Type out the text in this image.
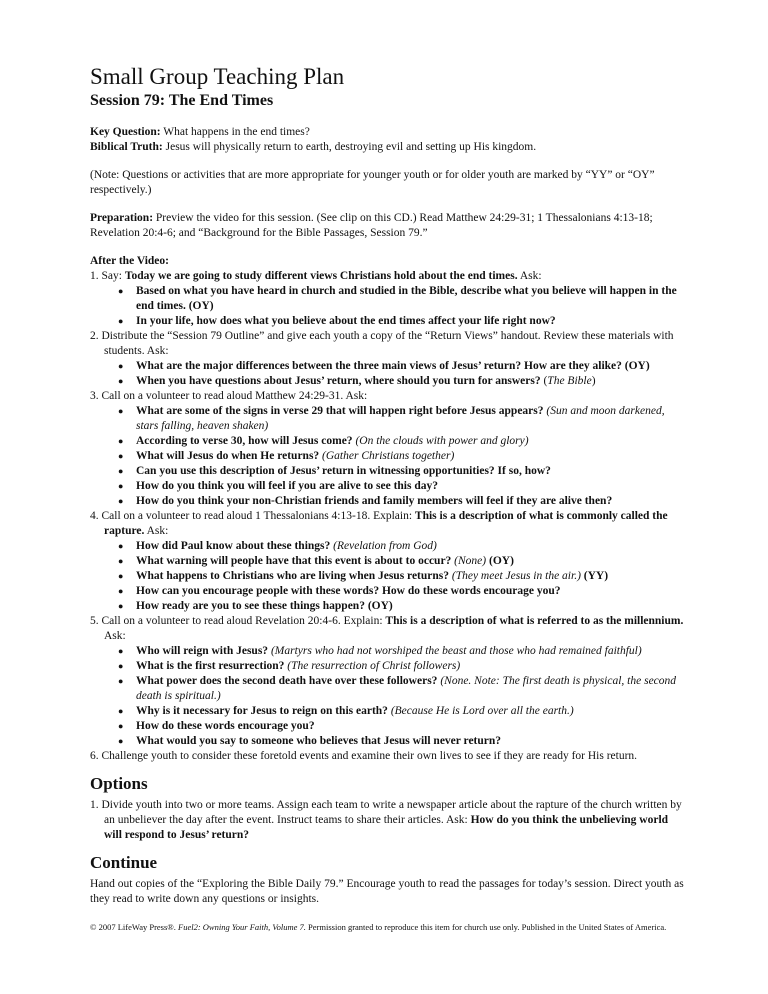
Small Group Teaching Plan
Session 79: The End Times

Key Question: What happens in the end times?

Biblical Truth: Jesus will physically return to earth, destroying evil and setting up His kingdom.

(Note: Questions or activities that are more appropriate for younger youth or for older youth are marked by “YY” or “OY” respectively.)

Preparation: Preview the video for this session. (See clip on this CD.) Read Matthew 24:29-31; 1 Thessalonians 4:13-18; Revelation 20:4-6; and “Background for the Bible Passages, Session 79.”

After the Video:

1. Say: Today we are going to study different views Christians hold about the end times. Ask:
● Based on what you have heard in church and studied in the Bible, describe what you believe will happen in the end times. (OY)
● In your life, how does what you believe about the end times affect your life right now?
2. Distribute the “Session 79 Outline” and give each youth a copy of the “Return Views” handout. Review these materials with students. Ask:
● What are the major differences between the three main views of Jesus’ return? How are they alike? (OY)
● When you have questions about Jesus’ return, where should you turn for answers? (The Bible)
3. Call on a volunteer to read aloud Matthew 24:29-31. Ask:
● What are some of the signs in verse 29 that will happen right before Jesus appears? (Sun and moon darkened, stars falling, heaven shaken)
● According to verse 30, how will Jesus come? (On the clouds with power and glory)
● What will Jesus do when He returns? (Gather Christians together)
● Can you use this description of Jesus’ return in witnessing opportunities? If so, how?
● How do you think you will feel if you are alive to see this day?
● How do you think your non-Christian friends and family members will feel if they are alive then?
4. Call on a volunteer to read aloud 1 Thessalonians 4:13-18. Explain: This is a description of what is commonly called the rapture. Ask:
● How did Paul know about these things? (Revelation from God)
● What warning will people have that this event is about to occur? (None) (OY)
● What happens to Christians who are living when Jesus returns? (They meet Jesus in the air.) (YY)
● How can you encourage people with these words? How do these words encourage you?
● How ready are you to see these things happen? (OY)
5. Call on a volunteer to read aloud Revelation 20:4-6. Explain: This is a description of what is referred to as the millennium. Ask:
● Who will reign with Jesus? (Martyrs who had not worshiped the beast and those who had remained faithful)
● What is the first resurrection? (The resurrection of Christ followers)
● What power does the second death have over these followers? (None. Note: The first death is physical, the second death is spiritual.)
● Why is it necessary for Jesus to reign on this earth? (Because He is Lord over all the earth.)
● How do these words encourage you?
● What would you say to someone who believes that Jesus will never return?
6. Challenge youth to consider these foretold events and examine their own lives to see if they are ready for His return.
Options
1. Divide youth into two or more teams. Assign each team to write a newspaper article about the rapture of the church written by an unbeliever the day after the event. Instruct teams to share their articles. Ask: How do you think the unbelieving world will respond to Jesus’ return?
Continue

Hand out copies of the “Exploring the Bible Daily 79.” Encourage youth to read the passages for today’s session. Direct youth as they read to write down any questions or insights.

© 2007 LifeWay Press®. Fuel2: Owning Your Faith, Volume 7. Permission granted to reproduce this item for church use only. Published in the United States of America.
